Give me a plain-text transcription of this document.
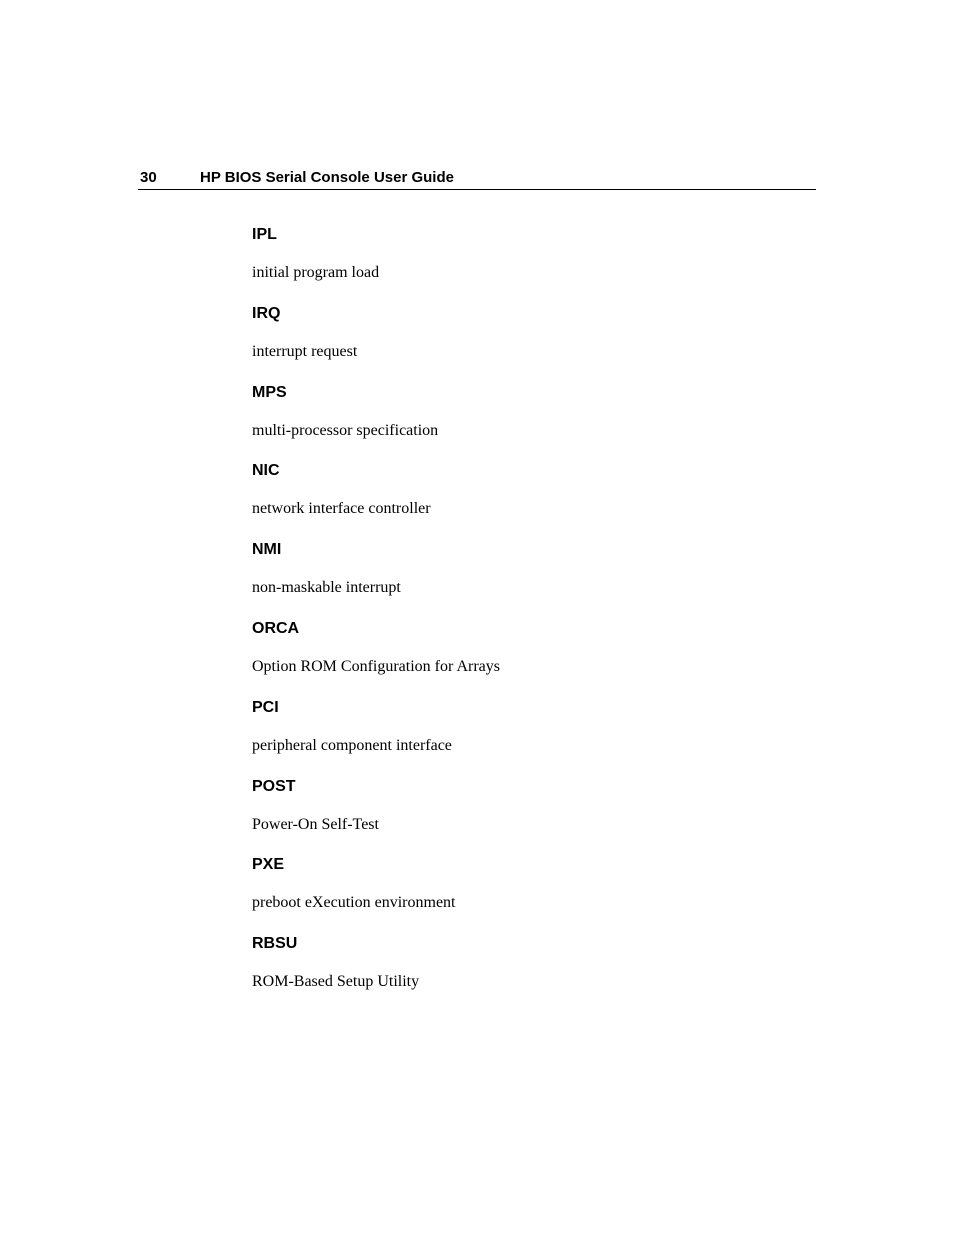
30	HP BIOS Serial Console User Guide
IPL
initial program load
IRQ
interrupt request
MPS
multi-processor specification
NIC
network interface controller
NMI
non-maskable interrupt
ORCA
Option ROM Configuration for Arrays
PCI
peripheral component interface
POST
Power-On Self-Test
PXE
preboot eXecution environment
RBSU
ROM-Based Setup Utility
